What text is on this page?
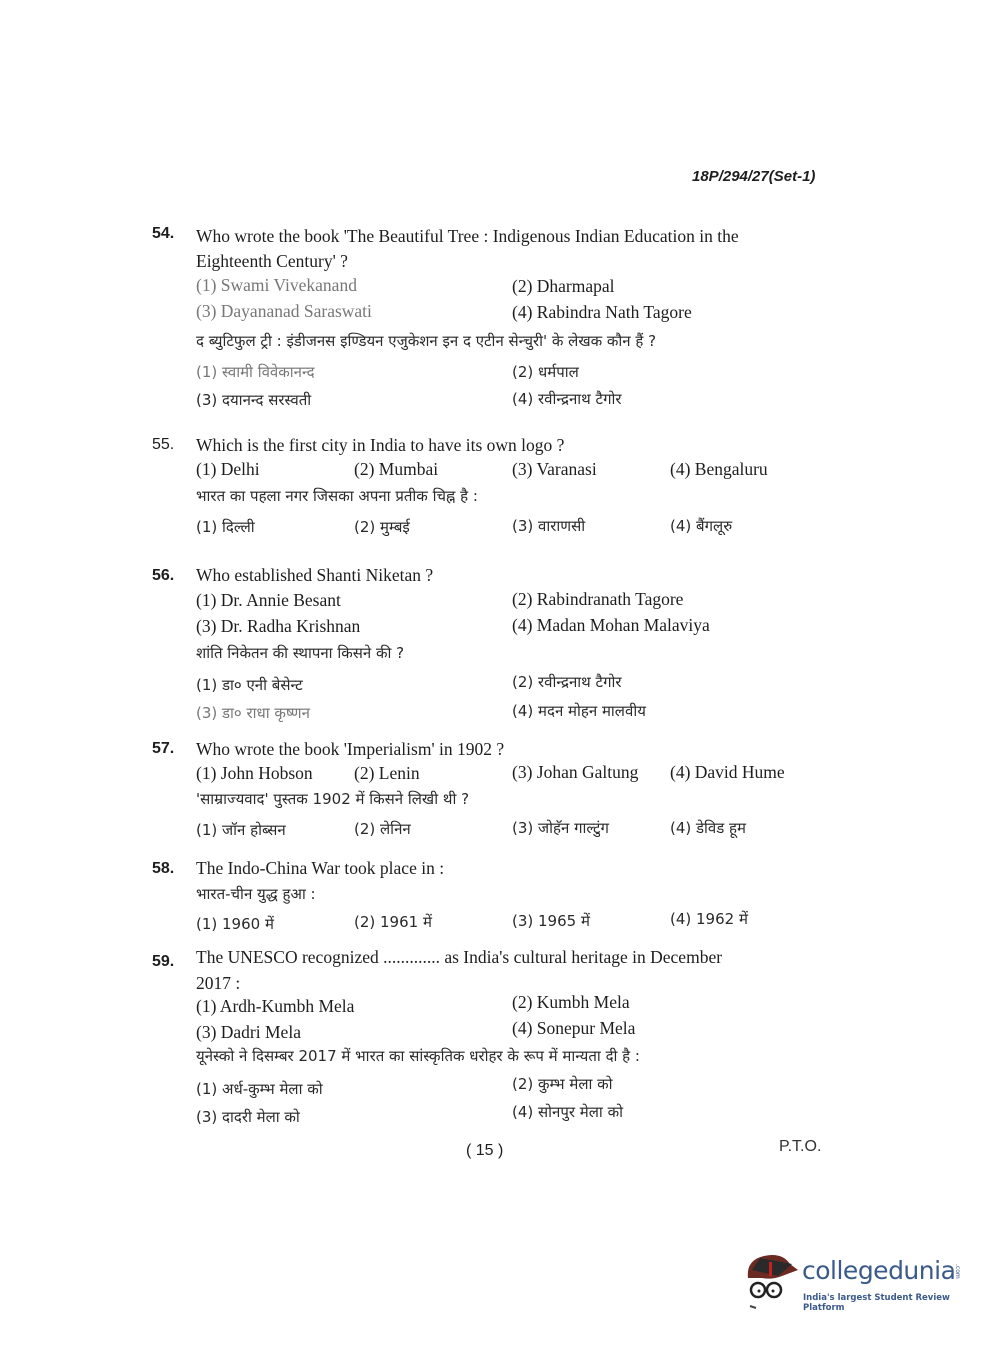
18P/294/27(Set-1)
54. Who wrote the book 'The Beautiful Tree : Indigenous Indian Education in the
Eighteenth Century' ?
(1) Swami Vivekanand	(2) Dharmapal
(3) Dayananad Saraswati	(4) Rabindra Nath Tagore
द ब्युटिफुल ट्री : इंडीजनस इण्डियन एजुकेशन इन द एटीन सेन्चुरी' के लेखक कौन हैं ?
(1) स्वामी विवेकानन्द	(2) धर्मपाल
(3) दयानन्द सरस्वती	(4) रवीन्द्रनाथ टैगोर
55. Which is the first city in India to have its own logo ?
(1) Delhi	(2) Mumbai	(3) Varanasi	(4) Bengaluru
भारत का पहला नगर जिसका अपना प्रतीक चिह्न है :
(1) दिल्ली	(2) मुम्बई	(3) वाराणसी	(4) बैंगलूरु
56. Who established Shanti Niketan ?
(1) Dr. Annie Besant	(2) Rabindranath Tagore
(3) Dr. Radha Krishnan	(4) Madan Mohan Malaviya
शांति निकेतन की स्थापना किसने की ?
(1) डा० एनी बेसेन्ट	(2) रवीन्द्रनाथ टैगोर
(3) डा० राधा कृष्णन	(4) मदन मोहन मालवीय
57. Who wrote the book 'Imperialism' in 1902 ?
(1) John Hobson (2) Lenin	(3) Johan Galtung (4) David Hume
'साम्राज्यवाद' पुस्तक 1902 में किसने लिखी थी ?
(1) जॉन होब्सन	(2) लेनिन	(3) जोहॅन गाल्टुंग	(4) डेविड हूम
58. The Indo-China War took place in :
भारत-चीन युद्ध हुआ :
(1) 1960 में	(2) 1961 में	(3) 1965 में	(4) 1962 में
59. The UNESCO recognized ............. as India's cultural heritage in December
2017 :
(1) Ardh-Kumbh Mela	(2) Kumbh Mela
(3) Dadri Mela	(4) Sonepur Mela
यूनेस्को ने दिसम्बर 2017 में भारत का सांस्कृतिक धरोहर के रूप में मान्यता दी है :
(1) अर्ध-कुम्भ मेला को	(2) कुम्भ मेला को
(3) दादरी मेला को	(4) सोनपुर मेला को
( 15 )	P.T.O.
collegedunia
.com
India's largest Student Review Platform
